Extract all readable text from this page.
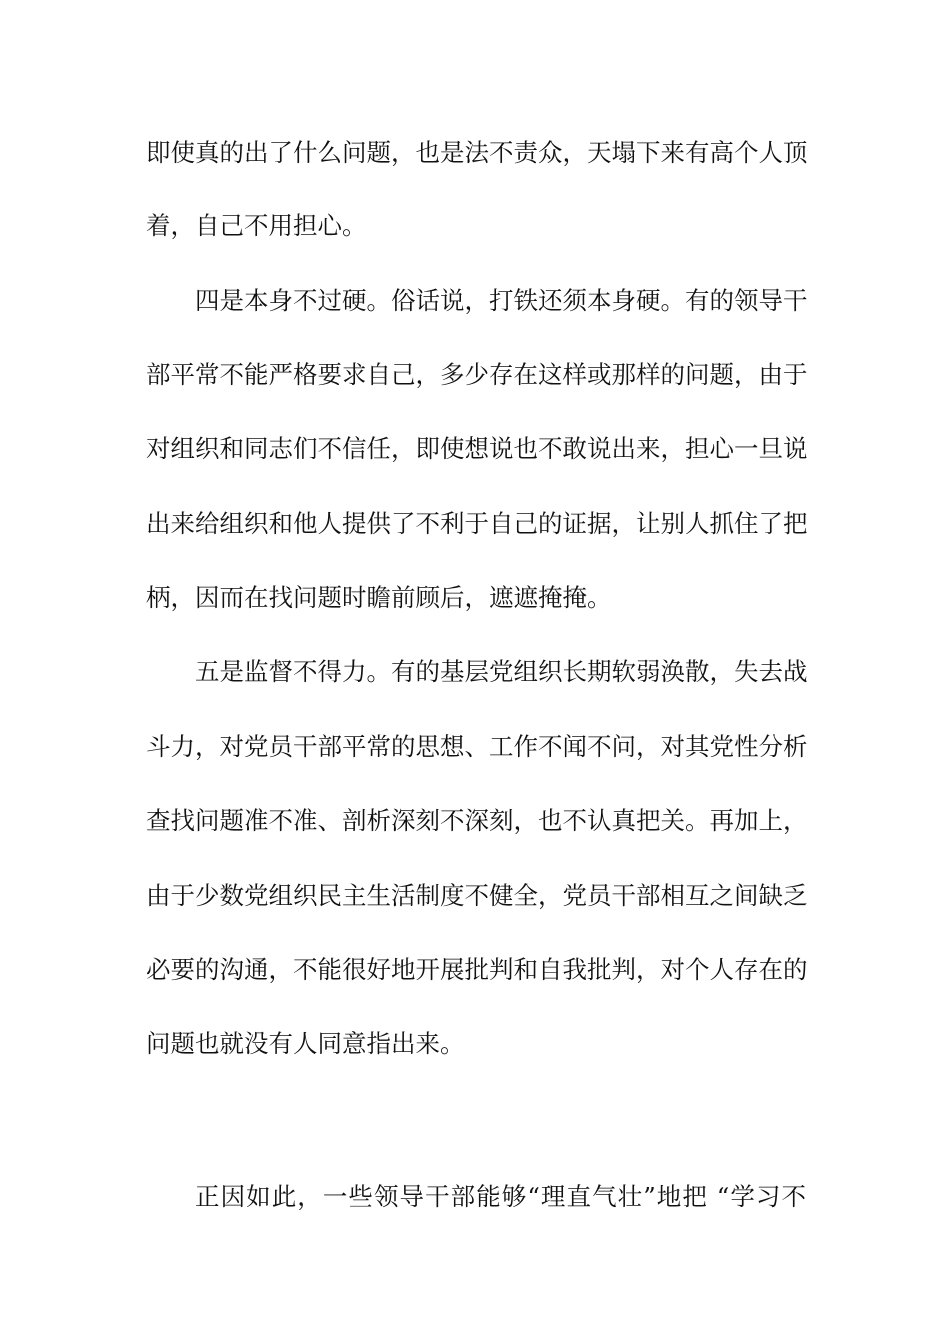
即使真的出了什么问题，也是法不责众，天塌下来有高个人顶
着，自己不用担心。
四是本身不过硬。俗话说，打铁还须本身硬。有的领导干
部平常不能严格要求自己，多少存在这样或那样的问题，由于
对组织和同志们不信任，即使想说也不敢说出来，担心一旦说
出来给组织和他人提供了不利于自己的证据，让别人抓住了把
柄，因而在找问题时瞻前顾后，遮遮掩掩。
五是监督不得力。有的基层党组织长期软弱涣散，失去战
斗力，对党员干部平常的思想、工作不闻不问，对其党性分析
查找问题准不准、剖析深刻不深刻，也不认真把关。再加上，
由于少数党组织民主生活制度不健全，党员干部相互之间缺乏
必要的沟通，不能很好地开展批判和自我批判，对个人存在的
问题也就没有人同意指出来。
正因如此，一些领导干部能够“理直气壮”地把 “学习不
